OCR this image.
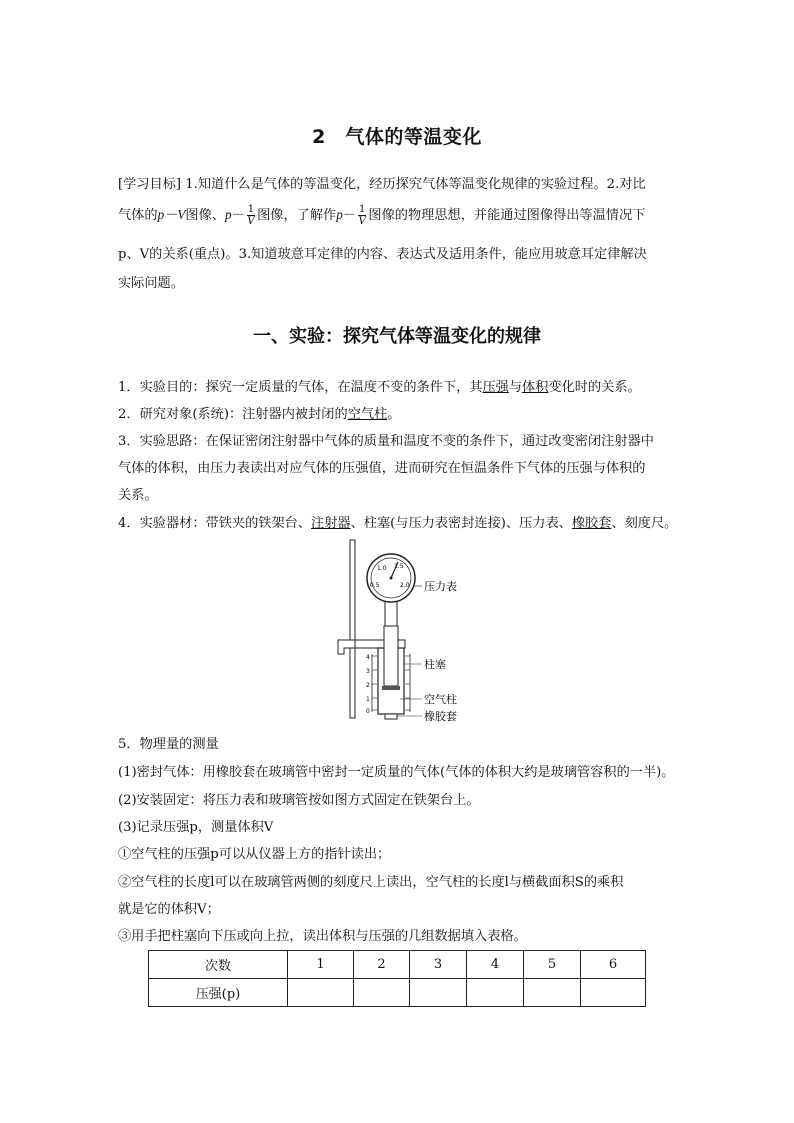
2　气体的等温变化
[学习目标] 1.知道什么是气体的等温变化，经历探究气体等温变化规律的实验过程。2.对比
气体的p－V图像、$p- \frac{1}{V}$ 图像，了解作$p- \frac{1}{V}$ 图像的物理思想，并能通过图像得出等温情况下
p、V的关系(重点)。3.知道玻意耳定律的内容、表达式及适用条件，能应用玻意耳定律解决
实际问题。
一、实验：探究气体等温变化的规律
1．实验目的：探究一定质量的气体，在温度不变的条件下，其压强与体积变化时的关系。
2．研究对象(系统)：注射器内被封闭的空气柱。
3．实验思路：在保证密闭注射器中气体的质量和温度不变的条件下，通过改变密闭注射器中
气体的体积，由压力表读出对应气体的压强值，进而研究在恒温条件下气体的压强与体积的
关系。
4．实验器材：带铁夹的铁架台、注射器、柱塞(与压力表密封连接)、压力表、橡胶套、刻度尺。
0.5
1.0 1.5
2.0
4
3
2
1
0
压力表
柱塞
空气柱
橡胶套
5．物理量的测量
(1)密封气体：用橡胶套在玻璃管中密封一定质量的气体(气体的体积大约是玻璃管容积的一半)。
(2)安装固定：将压力表和玻璃管按如图方式固定在铁架台上。
(3)记录压强p，测量体积V
①空气柱的压强p可以从仪器上方的指针读出；
②空气柱的长度l可以在玻璃管两侧的刻度尺上读出，空气柱的长度l与横截面积S的乘积
就是它的体积V；
③用手把柱塞向下压或向上拉，读出体积与压强的几组数据填入表格。
次数	1	2	3	4	5	6
压强(p)						
